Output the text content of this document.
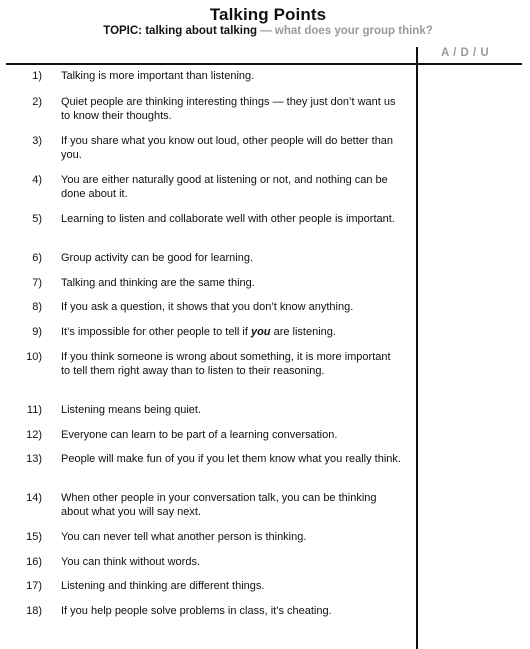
Talking Points
TOPIC: talking about talking — what does your group think?
A / D / U
1) Talking is more important than listening.
2) Quiet people are thinking interesting things — they just don’t want us to know their thoughts.
3) If you share what you know out loud, other people will do better than you.
4) You are either naturally good at listening or not, and nothing can be done about it.
5) Learning to listen and collaborate well with other people is important.
6) Group activity can be good for learning.
7) Talking and thinking are the same thing.
8) If you ask a question, it shows that you don’t know anything.
9) It’s impossible for other people to tell if you are listening.
10) If you think someone is wrong about something, it is more important to tell them right away than to listen to their reasoning.
11) Listening means being quiet.
12) Everyone can learn to be part of a learning conversation.
13) People will make fun of you if you let them know what you really think.
14) When other people in your conversation talk, you can be thinking about what you will say next.
15) You can never tell what another person is thinking.
16) You can think without words.
17) Listening and thinking are different things.
18) If you help people solve problems in class, it’s cheating.
